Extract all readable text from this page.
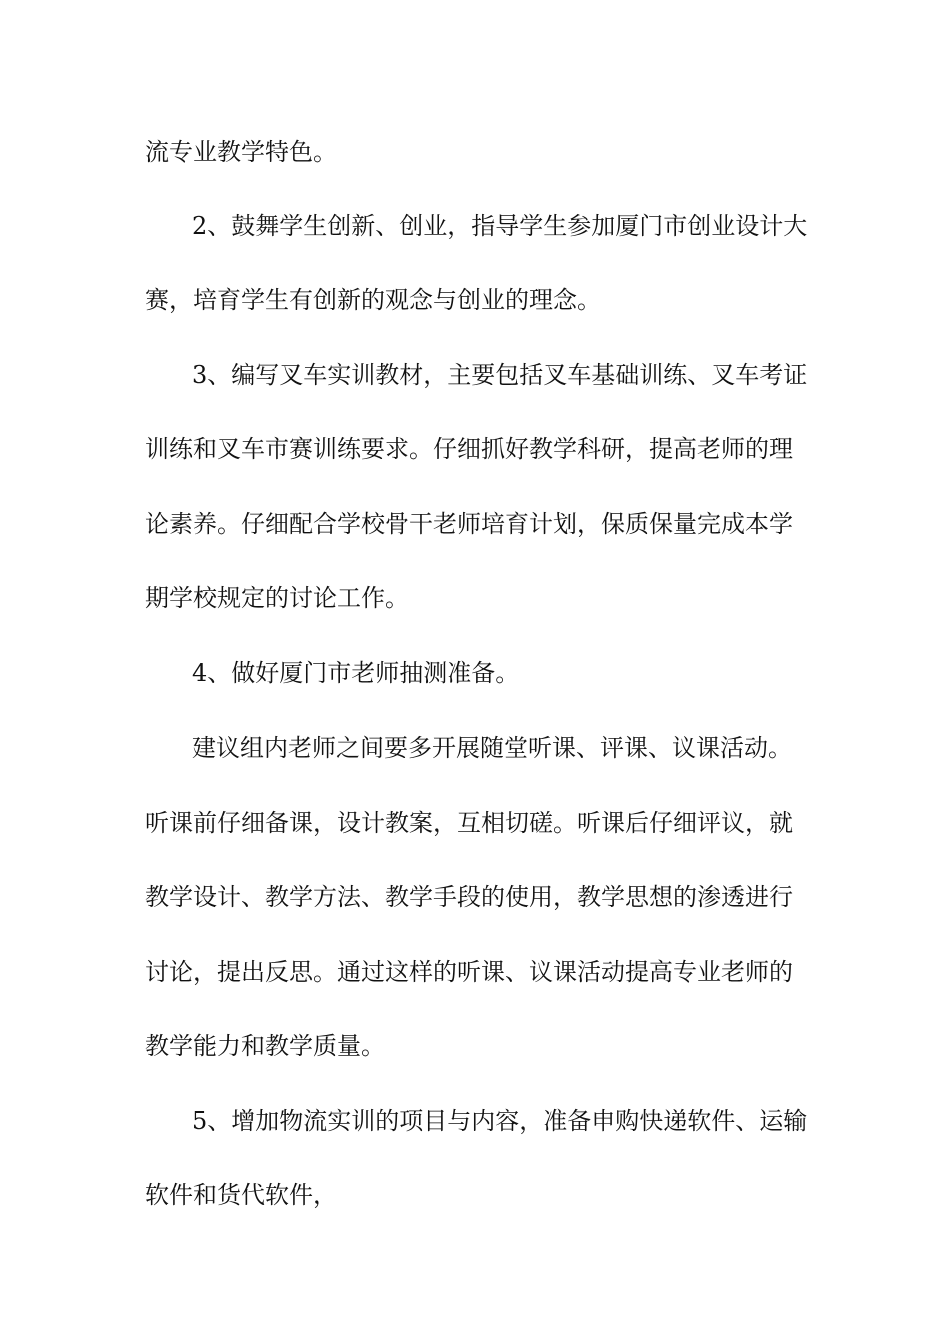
流专业教学特色。
2、鼓舞学生创新、创业，指导学生参加厦门市创业设计大
赛，培育学生有创新的观念与创业的理念。
3、编写叉车实训教材，主要包括叉车基础训练、叉车考证
训练和叉车市赛训练要求。仔细抓好教学科研，提高老师的理
论素养。仔细配合学校骨干老师培育计划，保质保量完成本学
期学校规定的讨论工作。
4、做好厦门市老师抽测准备。
建议组内老师之间要多开展随堂听课、评课、议课活动。
听课前仔细备课，设计教案，互相切磋。听课后仔细评议，就
教学设计、教学方法、教学手段的使用，教学思想的渗透进行
讨论，提出反思。通过这样的听课、议课活动提高专业老师的
教学能力和教学质量。
5、增加物流实训的项目与内容，准备申购快递软件、运输
软件和货代软件，
